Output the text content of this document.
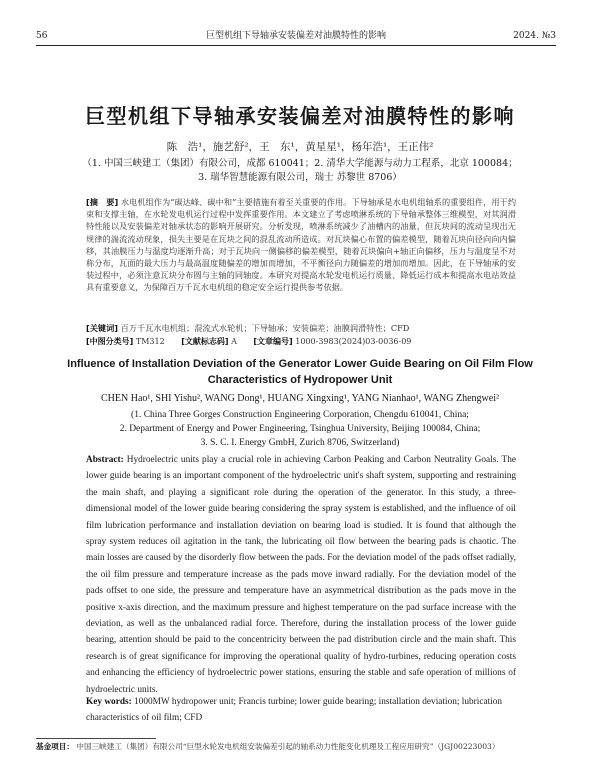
56	巨型机组下导轴承安装偏差对油膜特性的影响	2024. №3
巨型机组下导轴承安装偏差对油膜特性的影响
陈　浩¹，施艺舒²，王　东¹，黄星星¹，杨年浩¹，王正伟²
（1. 中国三峡建工（集团）有限公司，成都 610041；2. 清华大学能源与动力工程系，北京 100084；
3. 瑞华智慧能源有限公司，瑞士 苏黎世 8706）
[摘　要] 水电机组作为“碳达峰、碳中和”主要措施有着至关重要的作用。下导轴承是水电机组轴系的重要组件，用于约束和支撑主轴，在水轮发电机运行过程中发挥重要作用。本文建立了考虑喷淋系统的下导轴承整体三维模型，对其润滑特性能以及安装偏差对轴承状态的影响开展研究。分析发现，喷淋系统减少了油槽内的油量，但瓦块间的流动呈现出无规律的湍流流动现象，损失主要是在瓦块之间的混乱流动所造成。对瓦块偏心布置的偏差模型，随着瓦块向径向向内偏移，其油膜压力与温度均逐渐升高；对于瓦块向一侧偏移的偏差模型，随着瓦块偏向+轴正向偏移，压力与温度呈不对称分布，瓦面的最大压力与最高温度随偏差的增加而增加，不平衡径向力随偏差的增加而增加。因此，在下导轴承的安装过程中，必须注意瓦块分布圆与主轴的同轴度。本研究对提高水轮发电机运行质量、降低运行成本和提高水电站效益具有重要意义，为保障百万千瓦水电机组的稳定安全运行提供参考依据。
[关键词] 百万千瓦水电机组；混流式水轮机；下导轴承；安装偏差；油膜润滑特性；CFD
[中图分类号] TM312 [文献标志码] A [文章编号] 1000-3983(2024)03-0036-09
Influence of Installation Deviation of the Generator Lower Guide Bearing on Oil Film Flow Characteristics of Hydropower Unit
CHEN Hao¹, SHI Yishu², WANG Dong¹, HUANG Xingxing¹, YANG Nianhao¹, WANG Zhengwei²
(1. China Three Gorges Construction Engineering Corporation, Chengdu 610041, China;
2. Department of Energy and Power Engineering, Tsinghua University, Beijing 100084, China;
3. S. C. I. Energy GmbH, Zurich 8706, Switzerland)
Abstract: Hydroelectric units play a crucial role in achieving Carbon Peaking and Carbon Neutrality Goals. The lower guide bearing is an important component of the hydroelectric unit's shaft system, supporting and restraining the main shaft, and playing a significant role during the operation of the generator. In this study, a three-dimensional model of the lower guide bearing considering the spray system is established, and the influence of oil film lubrication performance and installation deviation on bearing load is studied. It is found that although the spray system reduces oil agitation in the tank, the lubricating oil flow between the bearing pads is chaotic. The main losses are caused by the disorderly flow between the pads. For the deviation model of the pads offset radially, the oil film pressure and temperature increase as the pads move inward radially. For the deviation model of the pads offset to one side, the pressure and temperature have an asymmetrical distribution as the pads move in the positive x-axis direction, and the maximum pressure and highest temperature on the pad surface increase with the deviation, as well as the unbalanced radial force. Therefore, during the installation process of the lower guide bearing, attention should be paid to the concentricity between the pad distribution circle and the main shaft. This research is of great significance for improving the operational quality of hydro-turbines, reducing operation costs and enhancing the efficiency of hydroelectric power stations, ensuring the stable and safe operation of millions of hydroelectric units.
Key words: 1000MW hydropower unit; Francis turbine; lower guide bearing; installation deviation; lubrication characteristics of oil film; CFD
基金项目： 中国三峡建工（集团）有限公司“巨型水轮发电机组安装偏差引起的轴系动力性能变化机理及工程应用研究”（JGJ00223003）
